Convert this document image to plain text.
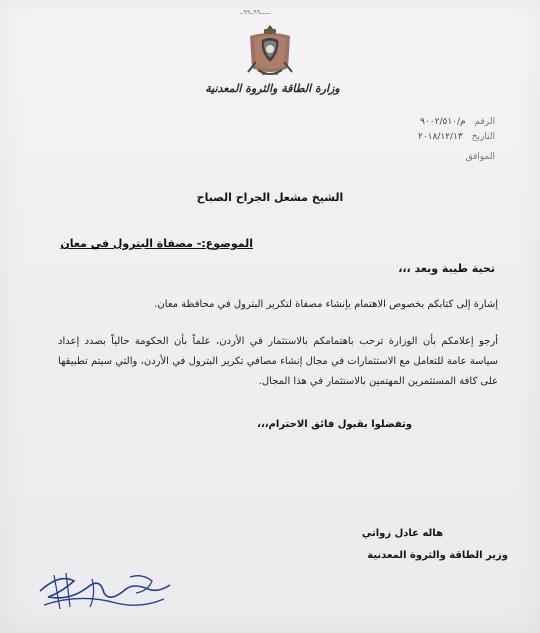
ــــــ۹۹ــ۹۹ــ
وزارة الطاقة والثروة المعدنية
الرقم م/٩٠٠٢/٥١٠
التاريخ ٢٠١٨/١٢/١٣
الموافق
الشيخ مشعل الجراح الصباح
الموضوع:- مصفاة البترول في معان
تحية طيبة وبعد ،،،
إشارة إلى كتابكم بخصوص الاهتمام بإنشاء مصفاة لتكرير البترول في محافظة معان.
أرجو إعلامكم بأن الوزارة ترحب باهتمامكم بالاستثمار في الأردن، علماً بأن الحكومة حالياً بصدد إعداد سياسة عامة للتعامل مع الاستثمارات في مجال إنشاء مصافي تكرير البترول في الأردن، والتي سيتم تطبيقها على كافة المستثمرين المهتمين بالاستثمار في هذا المجال.
وتفضلوا بقبول فائق الاحترام،،،
هاله عادل زواتي
وزير الطاقة والثروة المعدنية
